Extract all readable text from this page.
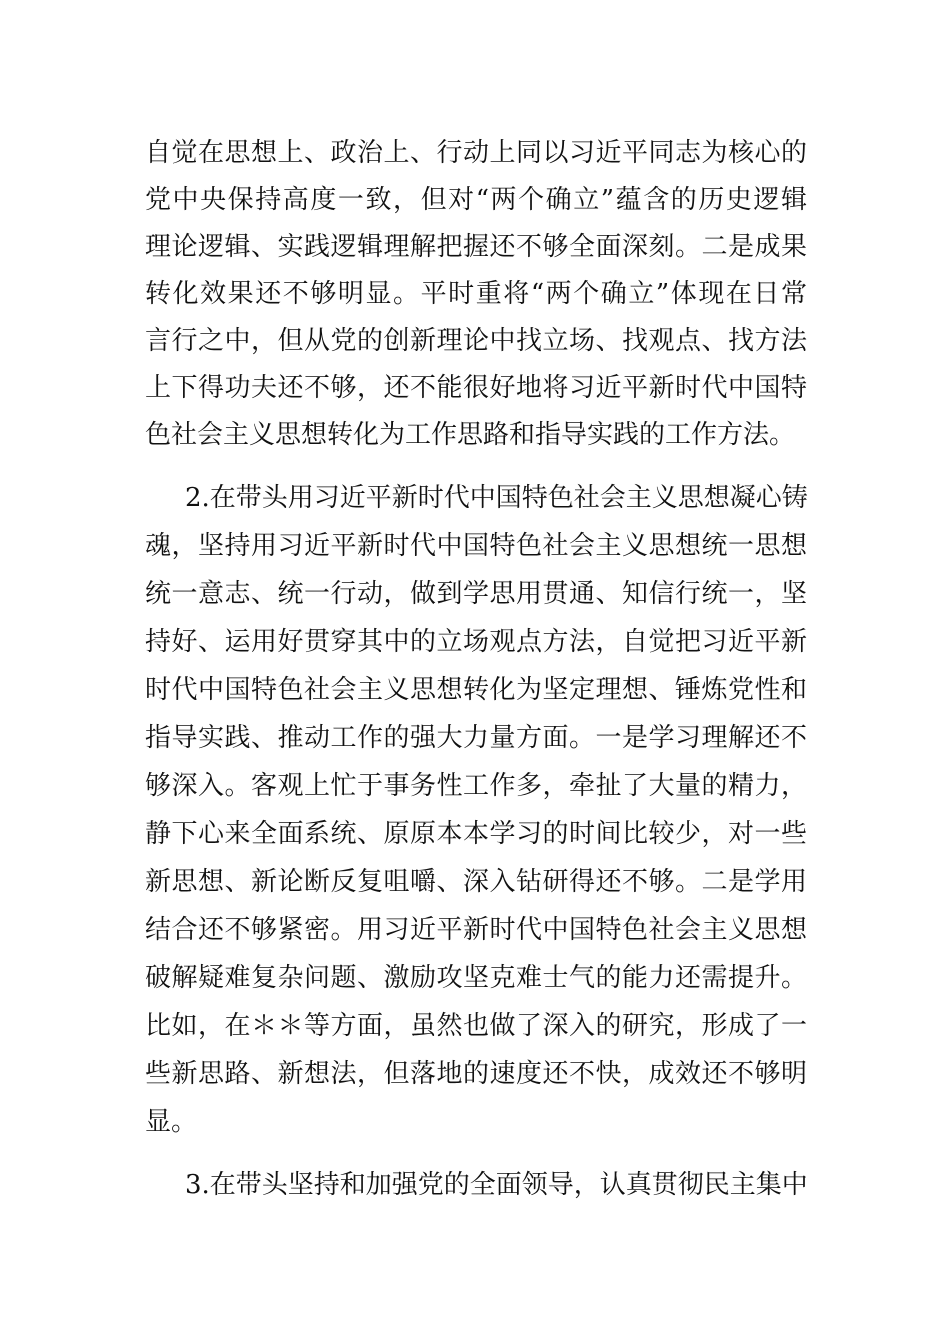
自觉在思想上、政治上、行动上同以习近平同志为核心的
党中央保持高度一致，但对“两个确立”蕴含的历史逻辑
理论逻辑、实践逻辑理解把握还不够全面深刻。二是成果
转化效果还不够明显。平时重将“两个确立”体现在日常
言行之中，但从党的创新理论中找立场、找观点、找方法
上下得功夫还不够，还不能很好地将习近平新时代中国特
色社会主义思想转化为工作思路和指导实践的工作方法。
2.在带头用习近平新时代中国特色社会主义思想凝心铸
魂，坚持用习近平新时代中国特色社会主义思想统一思想
统一意志、统一行动，做到学思用贯通、知信行统一，坚
持好、运用好贯穿其中的立场观点方法，自觉把习近平新
时代中国特色社会主义思想转化为坚定理想、锤炼党性和
指导实践、推动工作的强大力量方面。一是学习理解还不
够深入。客观上忙于事务性工作多，牵扯了大量的精力，
静下心来全面系统、原原本本学习的时间比较少，对一些
新思想、新论断反复咀嚼、深入钻研得还不够。二是学用
结合还不够紧密。用习近平新时代中国特色社会主义思想
破解疑难复杂问题、激励攻坚克难士气的能力还需提升。
比如，在＊＊等方面，虽然也做了深入的研究，形成了一
些新思路、新想法，但落地的速度还不快，成效还不够明
显。
3.在带头坚持和加强党的全面领导，认真贯彻民主集中
